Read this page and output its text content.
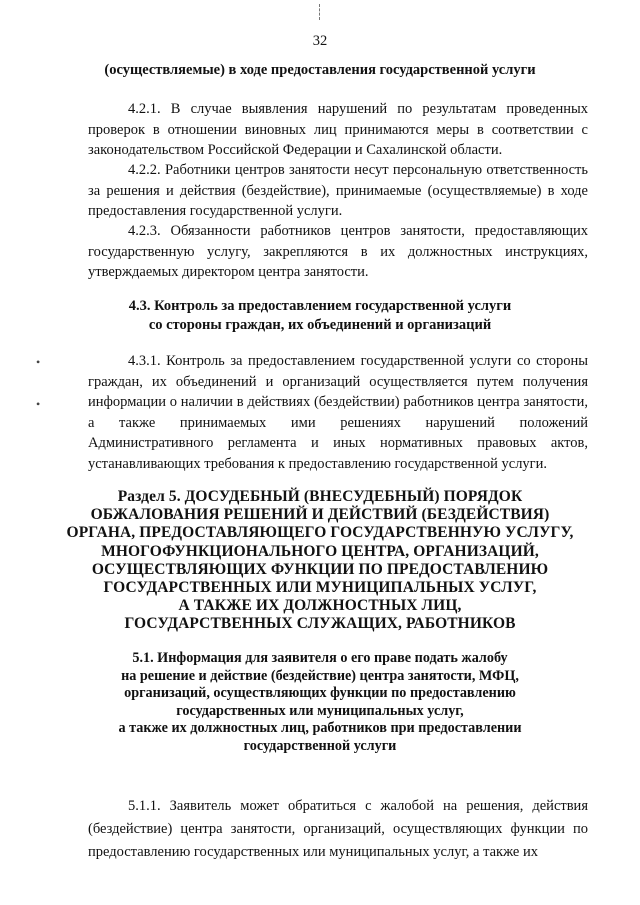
32
(осуществляемые) в ходе предоставления государственной услуги
4.2.1. В случае выявления нарушений по результатам проведенных проверок в отношении виновных лиц принимаются меры в соответствии с законодательством Российской Федерации и Сахалинской области.
4.2.2. Работники центров занятости несут персональную ответственность за решения и действия (бездействие), принимаемые (осуществляемые) в ходе предоставления государственной услуги.
4.2.3. Обязанности работников центров занятости, предоставляющих государственную услугу, закрепляются в их должностных инструкциях, утверждаемых директором центра занятости.
4.3. Контроль за предоставлением государственной услуги
со стороны граждан, их объединений и организаций
4.3.1. Контроль за предоставлением государственной услуги со стороны граждан, их объединений и организаций осуществляется путем получения информации о наличии в действиях (бездействии) работников центра занятости, а также принимаемых ими решениях нарушений положений Административного регламента и иных нормативных правовых актов, устанавливающих требования к предоставлению государственной услуги.
•
•
Раздел 5. ДОСУДЕБНЫЙ (ВНЕСУДЕБНЫЙ) ПОРЯДОК
ОБЖАЛОВАНИЯ РЕШЕНИЙ И ДЕЙСТВИЙ (БЕЗДЕЙСТВИЯ)
ОРГАНА, ПРЕДОСТАВЛЯЮЩЕГО ГОСУДАРСТВЕННУЮ УСЛУГУ,
МНОГОФУНКЦИОНАЛЬНОГО ЦЕНТРА, ОРГАНИЗАЦИЙ,
ОСУЩЕСТВЛЯЮЩИХ ФУНКЦИИ ПО ПРЕДОСТАВЛЕНИЮ
ГОСУДАРСТВЕННЫХ ИЛИ МУНИЦИПАЛЬНЫХ УСЛУГ,
А ТАКЖЕ ИХ ДОЛЖНОСТНЫХ ЛИЦ,
ГОСУДАРСТВЕННЫХ СЛУЖАЩИХ, РАБОТНИКОВ
5.1. Информация для заявителя о его праве подать жалобу
на решение и действие (бездействие) центра занятости, МФЦ,
организаций, осуществляющих функции по предоставлению
государственных или муниципальных услуг,
а также их должностных лиц, работников при предоставлении
государственной услуги
5.1.1. Заявитель может обратиться с жалобой на решения, действия (бездействие) центра занятости, организаций, осуществляющих функции по предоставлению государственных или муниципальных услуг, а также их
